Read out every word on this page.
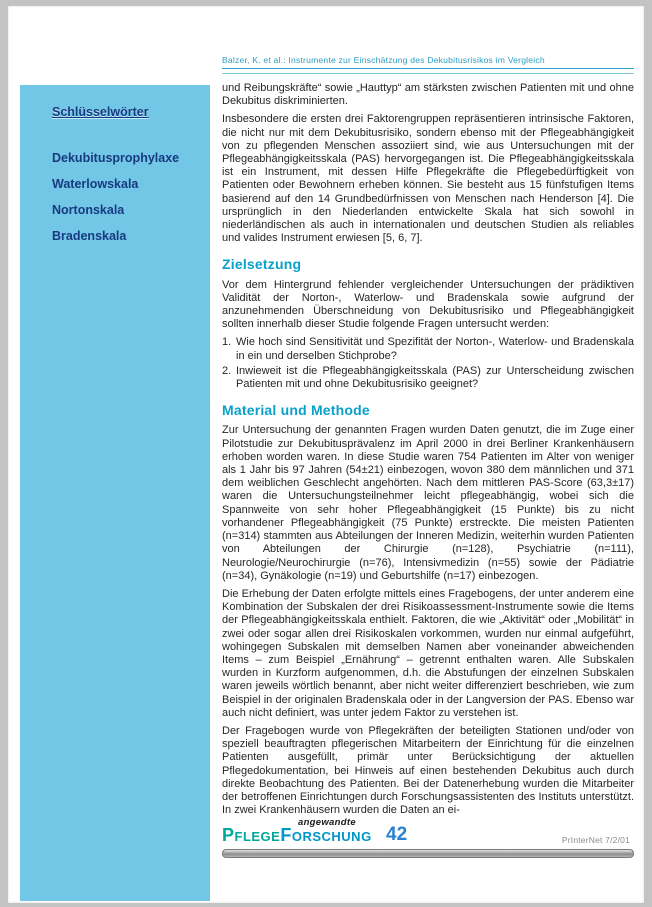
Schlüsselwörter
Dekubitusprophylaxe
Waterlowskala
Nortonskala
Bradenskala
Balzer, K. et al.: Instrumente zur Einschätzung des Dekubitusrisikos im Vergleich

und Reibungskräfte“ sowie „Hauttyp“ am stärksten zwischen Patienten mit und ohne Dekubitus diskriminierten.

Insbesondere die ersten drei Faktorengruppen repräsentieren intrinsische Faktoren, die nicht nur mit dem Dekubitusrisiko, sondern ebenso mit der Pflegeabhängigkeit von zu pflegenden Menschen assoziiert sind, wie aus Untersuchungen mit der Pflegeabhängigkeitsskala (PAS) hervorgegangen ist. Die Pflegeabhängigkeitsskala ist ein Instrument, mit dessen Hilfe Pflegekräfte die Pflegebedürftigkeit von Patienten oder Bewohnern erheben können. Sie besteht aus 15 fünfstufigen Items basierend auf den 14 Grundbedürfnissen von Menschen nach Henderson [4]. Die ursprünglich in den Niederlanden entwickelte Skala hat sich sowohl in niederländischen als auch in internationalen und deutschen Studien als reliables und valides Instrument erwiesen [5, 6, 7].

Zielsetzung

Vor dem Hintergrund fehlender vergleichender Untersuchungen der prädiktiven Validität der Norton-, Waterlow- und Bradenskala sowie aufgrund der anzunehmenden Überschneidung von Dekubitusrisiko und Pflegeabhängigkeit sollten innerhalb dieser Studie folgende Fragen untersucht werden:

1. Wie hoch sind Sensitivität und Spezifität der Norton-, Waterlow- und Bradenskala in ein und derselben Stichprobe?
2. Inwieweit ist die Pflegeabhängigkeitsskala (PAS) zur Unterscheidung zwischen Patienten mit und ohne Dekubitusrisiko geeignet?
Material und Methode

Zur Untersuchung der genannten Fragen wurden Daten genutzt, die im Zuge einer Pilotstudie zur Dekubitusprävalenz im April 2000 in drei Berliner Krankenhäusern erhoben worden waren. In diese Studie waren 754 Patienten im Alter von weniger als 1 Jahr bis 97 Jahren (54±21) einbezogen, wovon 380 dem männlichen und 371 dem weiblichen Geschlecht angehörten. Nach dem mittleren PAS-Score (63,3±17) waren die Untersuchungsteilnehmer leicht pflegeabhängig, wobei sich die Spannweite von sehr hoher Pflegeabhängigkeit (15 Punkte) bis zu nicht vorhandener Pflegeabhängigkeit (75 Punkte) erstreckte. Die meisten Patienten (n=314) stammten aus Abteilungen der Inneren Medizin, weiterhin wurden Patienten von Abteilungen der Chirurgie (n=128), Psychiatrie (n=111), Neurologie/Neurochirurgie (n=76), Intensivmedizin (n=55) sowie der Pädiatrie (n=34), Gynäkologie (n=19) und Geburtshilfe (n=17) einbezogen.

Die Erhebung der Daten erfolgte mittels eines Fragebogens, der unter anderem eine Kombination der Subskalen der drei Risikoassessment-Instrumente sowie die Items der Pflegeabhängigkeitsskala enthielt. Faktoren, die wie „Aktivität“ oder „Mobilität“ in zwei oder sogar allen drei Risikoskalen vorkommen, wurden nur einmal aufgeführt, wohingegen Subskalen mit demselben Namen aber voneinander abweichenden Items – zum Beispiel „Ernährung“ – getrennt enthalten waren. Alle Subskalen wurden in Kurzform aufgenommen, d.h. die Abstufungen der einzelnen Subskalen waren jeweils wörtlich benannt, aber nicht weiter differenziert beschrieben, wie zum Beispiel in der originalen Bradenskala oder in der Langversion der PAS. Ebenso war auch nicht definiert, was unter jedem Faktor zu verstehen ist.

Der Fragebogen wurde von Pflegekräften der beteiligten Stationen und/oder von speziell beauftragten pflegerischen Mitarbeitern der Einrichtung für die einzelnen Patienten ausgefüllt, primär unter Berücksichtigung der aktuellen Pflegedokumentation, bei Hinweis auf einen bestehenden Dekubitus auch durch direkte Beobachtung des Patienten. Bei der Datenerhebung wurden die Mitarbeiter der betroffenen Einrichtungen durch Forschungsassistenten des Instituts unterstützt. In zwei Krankenhäusern wurden die Daten an ei-

angewandte
PflegeForschung 42	PrInterNet 7/2/01
